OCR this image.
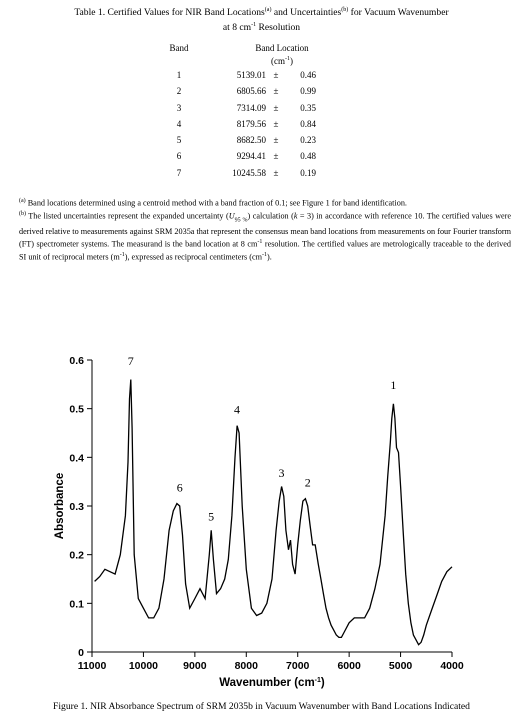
Table 1. Certified Values for NIR Band Locations$^{(a)}$ and Uncertainties$^{(b)}$ for Vacuum Wavenumber
at 8 $cm^{-1}$ Resolution
Band	Band Location
$(cm^{-1})$		

1	5139.01	±	0.46
2	6805.66	±	0.99
3	7314.09	±	0.35
4	8179.56	±	0.84
5	8682.50	±	0.23
6	9294.41	±	0.48
7	10245.58	±	0.19

$^{(a)}$ Band locations determined using a centroid method with a band fraction of 0.1; see Figure 1 for band identification.

$^{(b)}$ The listed uncertainties represent the expanded uncertainty $(U_{95 \%})$ calculation (k = 3) in accordance with reference 10. The certified values were derived relative to measurements against SRM 2035a that represent the consensus mean band locations from measurements on four Fourier transform (FT) spectrometer systems. The measurand is the band location at 8 $cm^{-1}$ resolution. The certified values are metrologically traceable to the derived SI unit of reciprocal meters $(m^{-1})$, expressed as reciprocal centimeters $(cm^{-1})$.

0
0.1
0.2
0.3
0.4
0.5
0.6
11000 10000 9000	8000	7000	6000	5000	4000
7
6
5
4
3
2
1
Wavenumber $(cm^{-1})$
Absorbance
Figure 1. NIR Absorbance Spectrum of SRM 2035b in Vacuum Wavenumber with Band Locations Indicated
